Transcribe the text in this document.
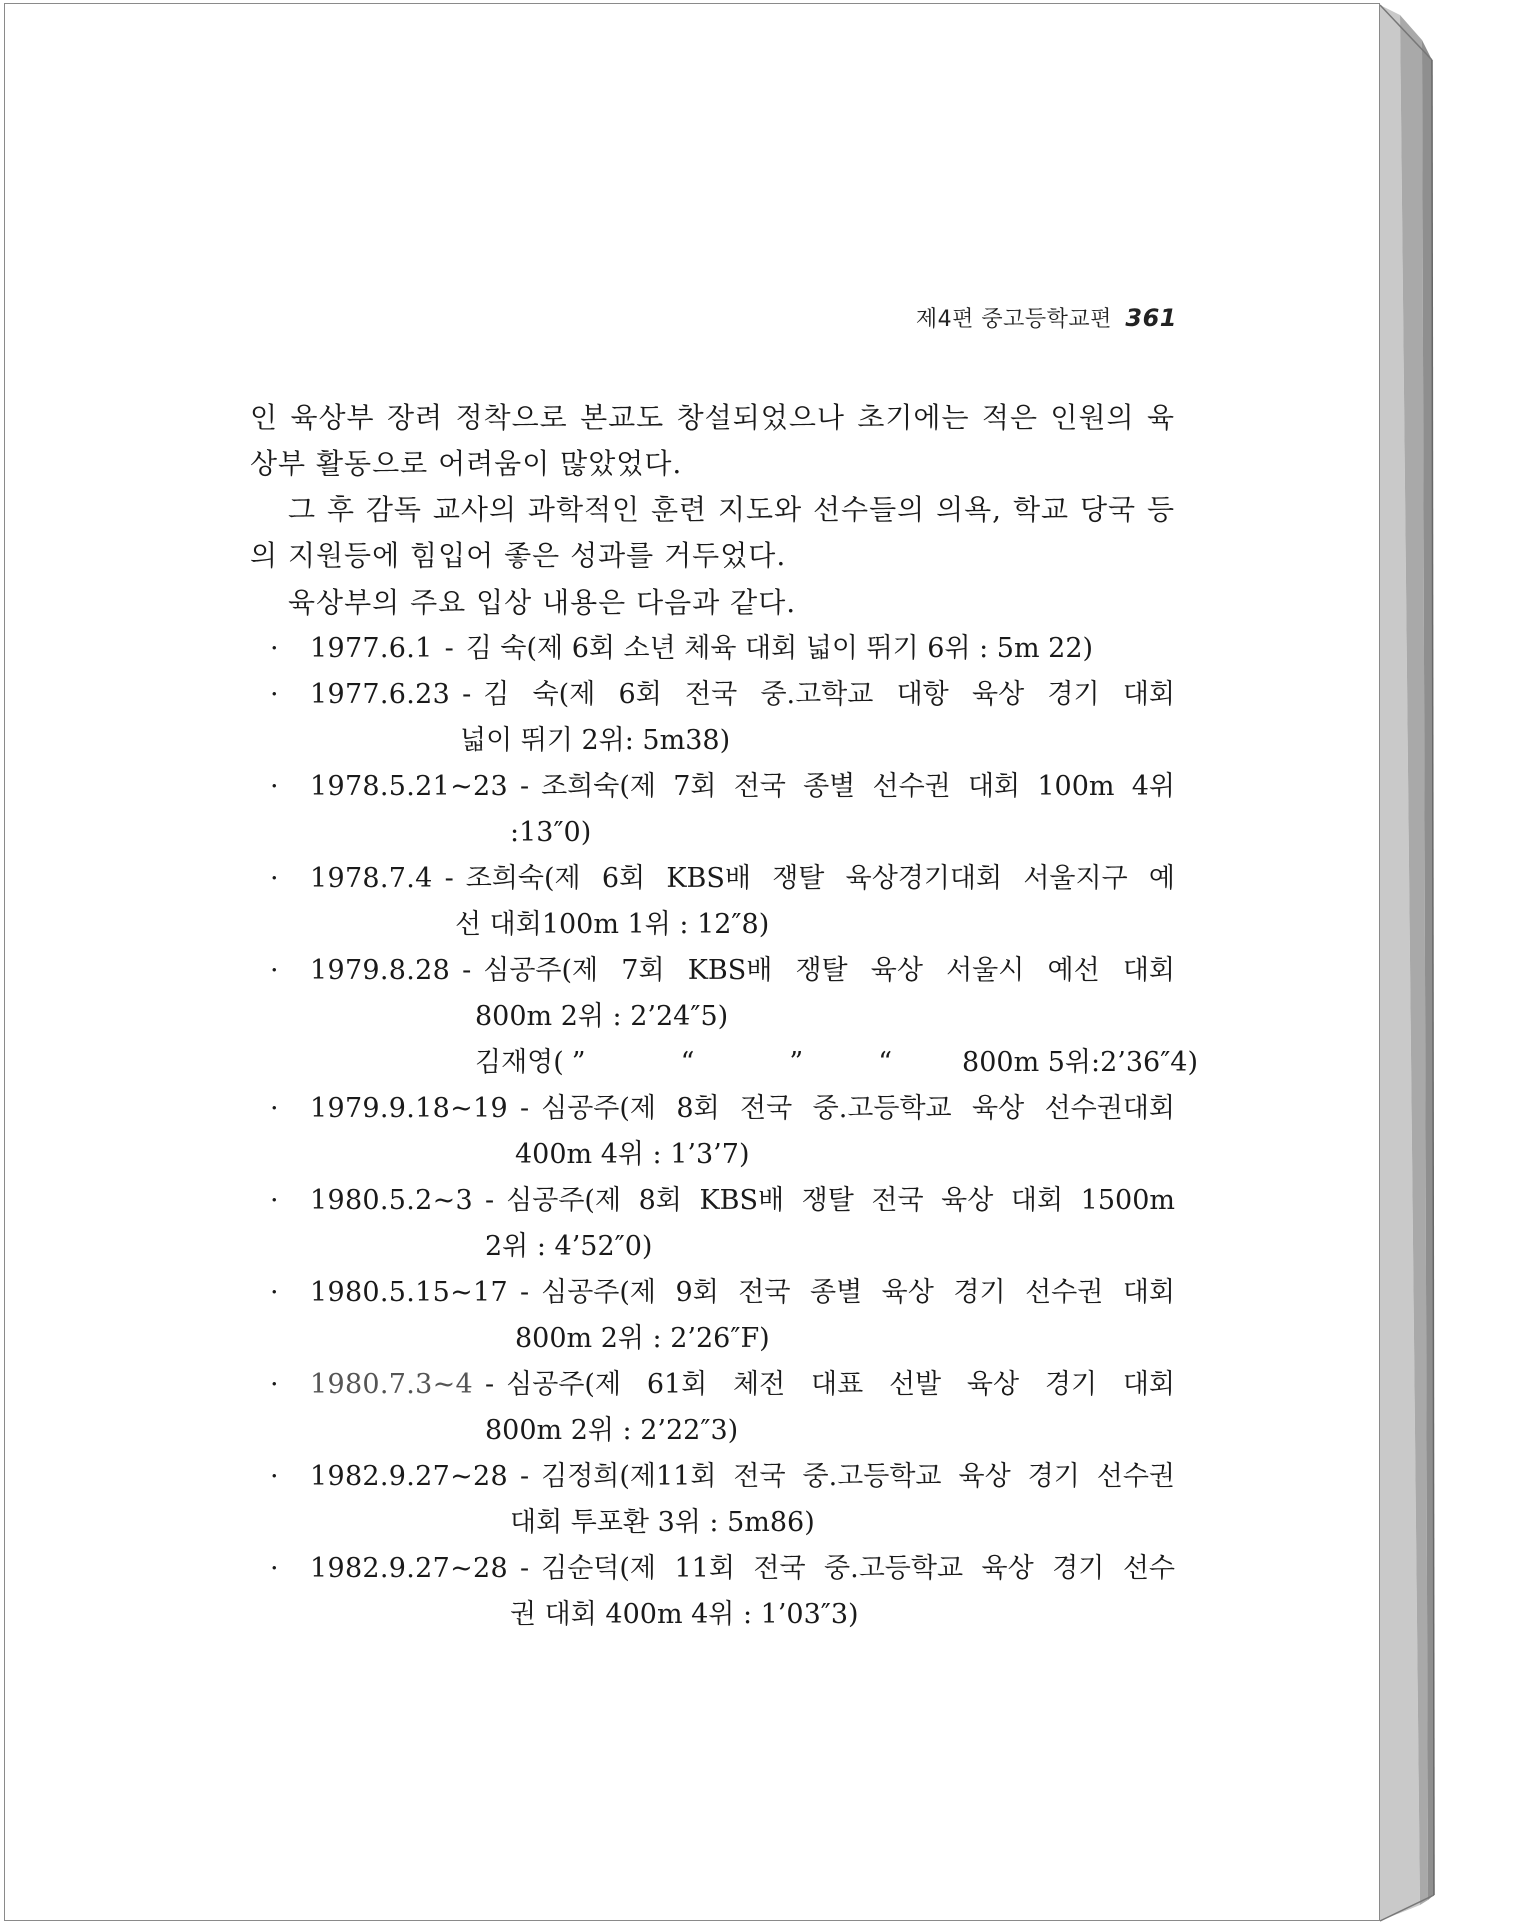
제4편 중고등학교편 361
인 육상부 장려 정착으로 본교도 창설되었으나 초기에는 적은 인원의 육상부 활동으로 어려움이 많았었다.
그 후 감독 교사의 과학적인 훈련 지도와 선수들의 의욕, 학교 당국 등의 지원등에 힘입어 좋은 성과를 거두었다.
육상부의 주요 입상 내용은 다음과 같다.
·	1977.6.1 - 김 숙(제 6회 소년 체육 대회 넓이 뛰기 6위 : 5m 22)
·	1977.6.23 - 김 숙(제 6회 전국 중.고학교 대항 육상 경기 대회
넓이 뛰기 2위: 5m38)
·	1978.5.21~23 - 조희숙(제 7회 전국 종별 선수권 대회 100m 4위
:13″0)
·	1978.7.4 - 조희숙(제 6회 KBS배 쟁탈 육상경기대회 서울지구 예
선 대회100m 1위 : 12″8)
·	1979.8.28 - 심공주(제 7회 KBS배 쟁탈 육상 서울시 예선 대회
800m 2위 : 2’24″5)
김재영( ”	“	”	“	800m 5위:2’36″4)
·	1979.9.18~19 - 심공주(제 8회 전국 중.고등학교 육상 선수권대회
400m 4위 : 1’3’7)
·	1980.5.2~3 - 심공주(제 8회 KBS배 쟁탈 전국 육상 대회 1500m
2위 : 4’52″0)
·	1980.5.15~17 - 심공주(제 9회 전국 종별 육상 경기 선수권 대회
800m 2위 : 2’26″F)
·	1980.7.3~4 - 심공주(제 61회 체전 대표 선발 육상 경기 대회
800m 2위 : 2’22″3)
·	1982.9.27~28 - 김정희(제11회 전국 중.고등학교 육상 경기 선수권
대회 투포환 3위 : 5m86)
·	1982.9.27~28 - 김순덕(제 11회 전국 중.고등학교 육상 경기 선수
권 대회 400m 4위 : 1’03″3)
